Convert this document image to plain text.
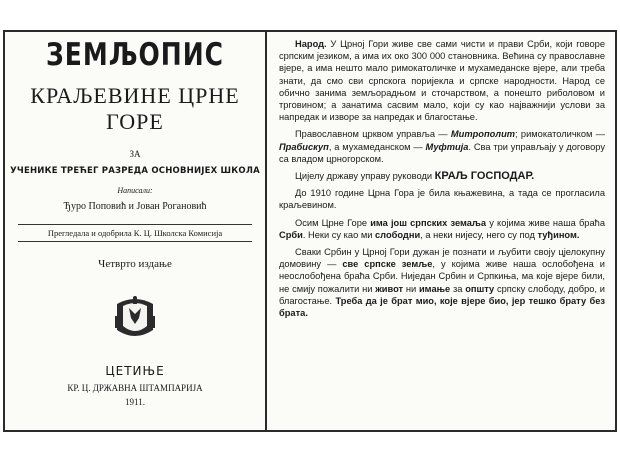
ЗЕМЉОПИС
КРАЉЕВИНЕ ЦРНЕ ГОРЕ
ЗА
УЧЕНИКЕ ТРЕЋЕГ РАЗРЕДА ОСНОВНИЈЕХ ШКОЛА
Написали:
Ђуро Поповић и Јован Рогановић
Прегледала и одобрила К. Ц. Школска Комисија
Четврто издање
ЦЕТИЊЕ
КР. Ц. ДРЖАВНА ШТАМПАРИЈА
1911.

Народ. У Црној Гори живе све сами чисти и прави Срби, који говоре српским језиком, а има их око 300 000 становника. Већина су православне вјере, а има нешто мало римокатоличке и мухамеданске вјере, али треба знати, да смо сви српскога поријекла и српске народности. Народ се обично занима земљорадњом и сточарством, а понешто риболовом и трговином; а занатима сасвим мало, који су као најважнији услови за напредак и изворе за напредак и благостање.

Православном црквом управља — Митрополит; римокатоличком — Прабискуп, а мухамеданском — Муфтија. Сва три управљају у договору са владом црногорском.

Цијелу државу управу руководи КРАЉ ГОСПОДАР.

До 1910 године Црна Гора је била књажевина, а тада се прогласила краљевином.

Осим Црне Горе има још српских земаља у којима живе наша браћа Срби. Неки су као ми слободни, а неки нијесу, него су под туђином.

Свaки Србин у Црној Гори дужан је познати и љубити своју цјелокупну домовину — све српске земље, у којима живе наша ослобођена и неослобођена браћа Срби. Ниједан Србин и Српкиња, ма које вјере били, не смију пожалити ни живот ни имање за општу српску слободу, добро, и благостање. Треба да је брат мио, које вјере био, јер тешко брату без брата.
